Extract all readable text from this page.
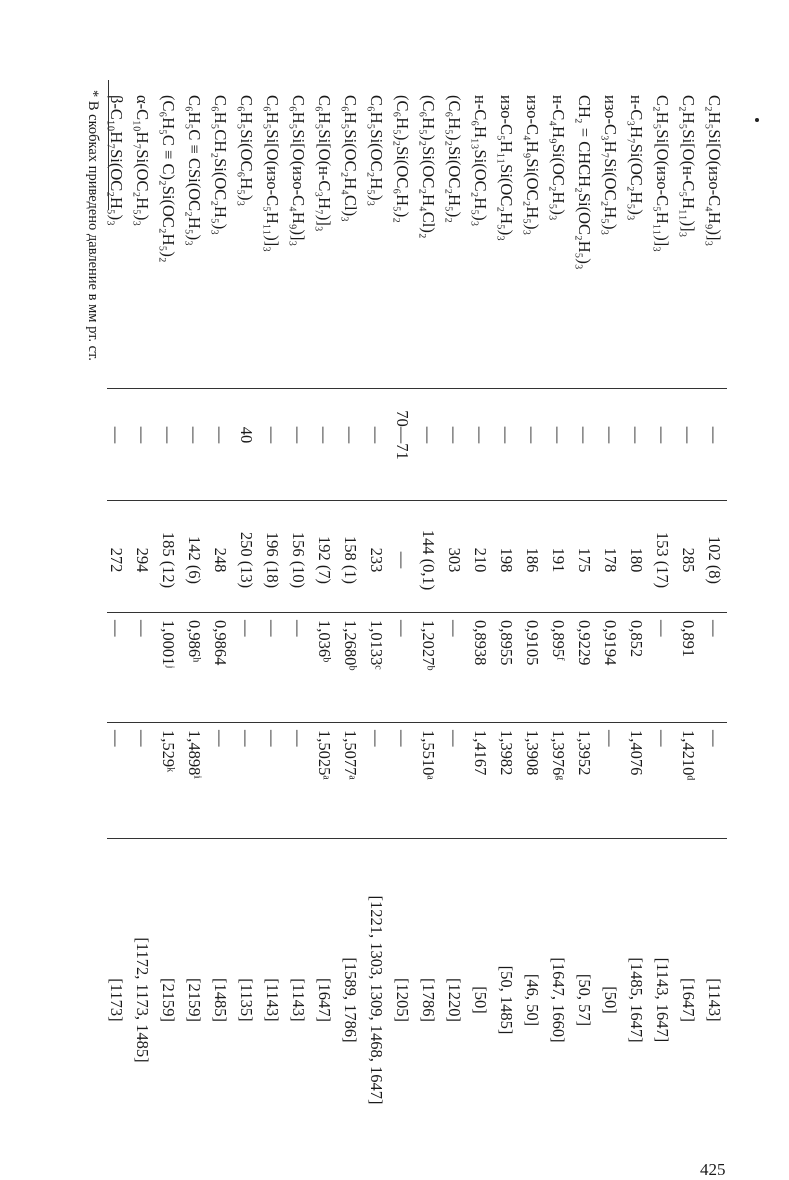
C₂H₅Si[O(изо-C₄H₉)]₃
C₂H₅Si[O(н-C₅H₁₁)]₃
C₂H₅Si[O(изо-C₅H₁₁)]₃
н-C₃H₇Si(OC₂H₅)₃
изо-C₃H₇Si(OC₂H₅)₃
CH₂ = CHCH₂Si(OC₂H₅)₃
н-C₄H₉Si(OC₂H₅)₃
изо-C₄H₉Si(OC₂H₅)₃
изо-C₅H₁₁Si(OC₂H₅)₃
н-C₆H₁₃Si(OC₂H₅)₃
(C₆H₅)₂Si(OC₂H₅)₂
(C₆H₅)₂Si(OC₂H₄Cl)₂
(C₆H₅)₂Si(OC₆H₅)₂
C₆H₅Si(OC₂H₅)₃
C₆H₅Si(OC₂H₄Cl)₃
C₆H₅Si[O(н-C₃H₇)]₃
C₆H₅Si[O(изо-C₄H₉)]₃
C₆H₅Si[O(изо-C₅H₁₁)]₃
C₆H₅Si(OC₆H₅)₃
C₆H₅CH₂Si(OC₂H₅)₃
C₆H₅C ≡ CSi(OC₂H₅)₃
(C₆H₅C ≡ C)₂Si(OC₂H₅)₂
α-C₁₀H₇Si(OC₂H₅)₃
β-C₁₀H₇Si(OC₂H₅)₃
—
—
—
—
—
—
—
—
—
—
—
—
70—71
—
—
—
—
—
40
—
—
—
—
—
102 (8)
285
153 (17)
180
178
175
191
186
198
210
303
144 (0,1)
—
233
158 (1)
192 (7)
156 (10)
196 (18)
250 (13)
248
142 (6)
185 (12)
294
272
—
0,891
—
0,852
0,9194
0,9229
0,895ᶠ
0,9105
0,8955
0,8938
—
1,2027ᵇ
—
1,0133ᶜ
1,2680ᵇ
1,036ᵇ
—
—
—
0,9864
0,986ʰ
1,0001ʲ
—
—
—
1,4210ᵈ
—
1,4076
—
1,3952
1,3976ᵍ
1,3908
1,3982
1,4167
—
1,5510ᵃ
—
—
1,5077ᵃ
1,5025ᵃ
—
—
—
—
1,4898ⁱ
1,529ᵏ
—
—
[1143]
[1647]
[1143, 1647]
[1485, 1647]
[50]
[50, 57]
[1647, 1660]
[46, 50]
[50, 1485]
[50]
[1220]
[1786]
[1205]
[1221, 1303, 1309, 1468, 1647]
[1589, 1786]
[1647]
[1143]
[1143]
[1135]
[1485]
[2159]
[2159]
[1172, 1173, 1485]
[1173]
* В скобках приведено давление в мм рт. ст.
425
